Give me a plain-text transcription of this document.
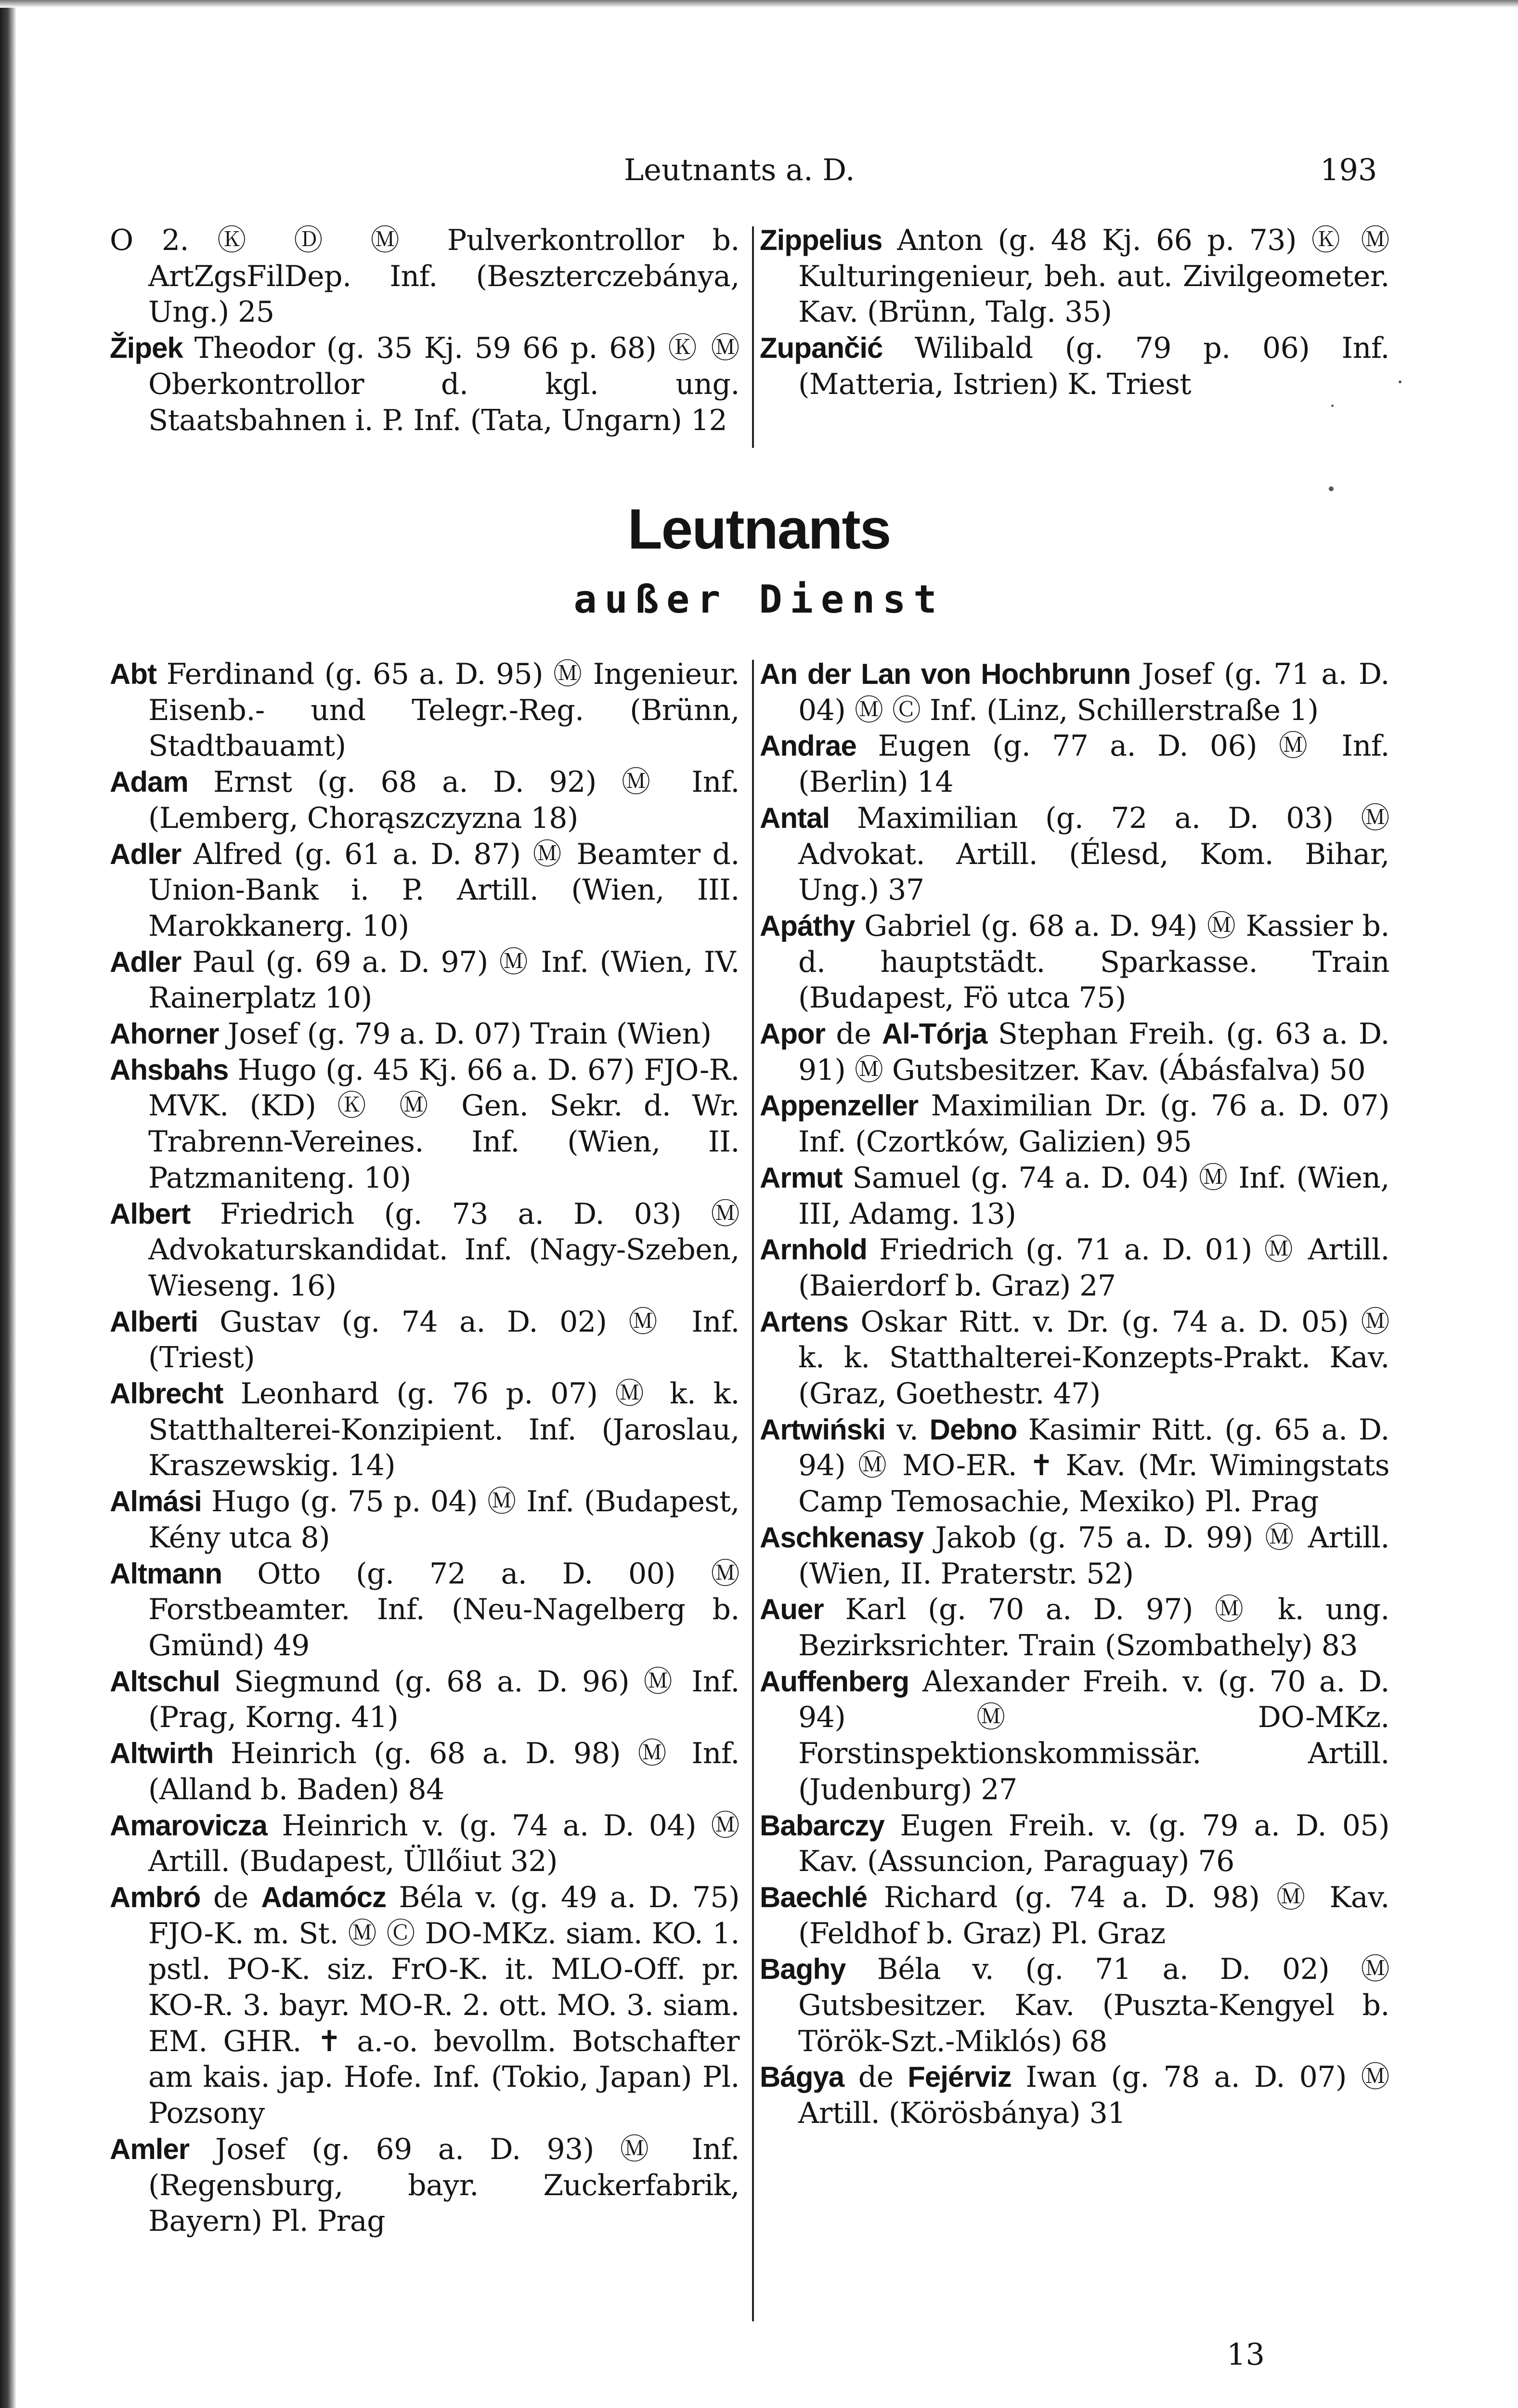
Leutnants a. D.	193
O 2. Ⓚ Ⓓ Ⓜ Pulverkontrollor b. ArtZgsFilDep. Inf. (Beszterczebánya, Ung.) 25
Žipek Theodor (g. 35 Kj. 59 66 p. 68) Ⓚ Ⓜ Oberkontrollor d. kgl. ung. Staatsbahnen i. P. Inf. (Tata, Ungarn) 12
Zippelius Anton (g. 48 Kj. 66 p. 73) Ⓚ Ⓜ Kulturingenieur, beh. aut. Zivilgeometer. Kav. (Brünn, Talg. 35)
Zupančić Wilibald (g. 79 p. 06) Inf. (Matteria, Istrien) K. Triest
Leutnants
außer Dienst
Abt Ferdinand (g. 65 a. D. 95) Ⓜ Ingenieur. Eisenb.- und Telegr.-Reg. (Brünn, Stadtbauamt)
Adam Ernst (g. 68 a. D. 92) Ⓜ Inf. (Lemberg, Chorąszczyzna 18)
Adler Alfred (g. 61 a. D. 87) Ⓜ Beamter d. Union-Bank i. P. Artill. (Wien, III. Marokkanerg. 10)
Adler Paul (g. 69 a. D. 97) Ⓜ Inf. (Wien, IV. Rainerplatz 10)
Ahorner Josef (g. 79 a. D. 07) Train (Wien)
Ahsbahs Hugo (g. 45 Kj. 66 a. D. 67) FJO-R. MVK. (KD) Ⓚ Ⓜ Gen. Sekr. d. Wr. Trabrenn-Vereines. Inf. (Wien, II. Patzmaniteng. 10)
Albert Friedrich (g. 73 a. D. 03) Ⓜ Advokaturskandidat. Inf. (Nagy-Szeben, Wieseng. 16)
Alberti Gustav (g. 74 a. D. 02) Ⓜ Inf. (Triest)
Albrecht Leonhard (g. 76 p. 07) Ⓜ k. k. Statthalterei-Konzipient. Inf. (Jaroslau, Kraszewskig. 14)
Almási Hugo (g. 75 p. 04) Ⓜ Inf. (Budapest, Kény utca 8)
Altmann Otto (g. 72 a. D. 00) Ⓜ Forstbeamter. Inf. (Neu-Nagelberg b. Gmünd) 49
Altschul Siegmund (g. 68 a. D. 96) Ⓜ Inf. (Prag, Korng. 41)
Altwirth Heinrich (g. 68 a. D. 98) Ⓜ Inf. (Alland b. Baden) 84
Amarovicza Heinrich v. (g. 74 a. D. 04) Ⓜ Artill. (Budapest, Üllőiut 32)
Ambró de Adamócz Béla v. (g. 49 a. D. 75) FJO-K. m. St. Ⓜ Ⓒ DO-MKz. siam. KO. 1. pstl. PO-K. siz. FrO-K. it. MLO-Off. pr. KO-R. 3. bayr. MO-R. 2. ott. MO. 3. siam. EM. GHR. ✝ a.-o. bevollm. Botschafter am kais. jap. Hofe. Inf. (Tokio, Japan) Pl. Pozsony
Amler Josef (g. 69 a. D. 93) Ⓜ Inf. (Regensburg, bayr. Zuckerfabrik, Bayern) Pl. Prag
An der Lan von Hochbrunn Josef (g. 71 a. D. 04) Ⓜ Ⓒ Inf. (Linz, Schillerstraße 1)
Andrae Eugen (g. 77 a. D. 06) Ⓜ Inf. (Berlin) 14
Antal Maximilian (g. 72 a. D. 03) Ⓜ Advokat. Artill. (Élesd, Kom. Bihar, Ung.) 37
Apáthy Gabriel (g. 68 a. D. 94) Ⓜ Kassier b. d. hauptstädt. Sparkasse. Train (Budapest, Fö utca 75)
Apor de Al-Tórja Stephan Freih. (g. 63 a. D. 91) Ⓜ Gutsbesitzer. Kav. (Ábásfalva) 50
Appenzeller Maximilian Dr. (g. 76 a. D. 07) Inf. (Czortków, Galizien) 95
Armut Samuel (g. 74 a. D. 04) Ⓜ Inf. (Wien, III, Adamg. 13)
Arnhold Friedrich (g. 71 a. D. 01) Ⓜ Artill. (Baierdorf b. Graz) 27
Artens Oskar Ritt. v. Dr. (g. 74 a. D. 05) Ⓜ k. k. Statthalterei-Konzepts-Prakt. Kav. (Graz, Goethestr. 47)
Artwiński v. Debno Kasimir Ritt. (g. 65 a. D. 94) Ⓜ MO-ER. ✝ Kav. (Mr. Wimingstats Camp Temosachie, Mexiko) Pl. Prag
Aschkenasy Jakob (g. 75 a. D. 99) Ⓜ Artill. (Wien, II. Praterstr. 52)
Auer Karl (g. 70 a. D. 97) Ⓜ k. ung. Bezirksrichter. Train (Szombathely) 83
Auffenberg Alexander Freih. v. (g. 70 a. D. 94) Ⓜ DO-MKz. Forstinspektionskommissär. Artill. (Judenburg) 27
Babarczy Eugen Freih. v. (g. 79 a. D. 05) Kav. (Assuncion, Paraguay) 76
Baechlé Richard (g. 74 a. D. 98) Ⓜ Kav. (Feldhof b. Graz) Pl. Graz
Baghy Béla v. (g. 71 a. D. 02) Ⓜ Gutsbesitzer. Kav. (Puszta-Kengyel b. Török-Szt.-Miklós) 68
Bágya de Fejérviz Iwan (g. 78 a. D. 07) Ⓜ Artill. (Körösbánya) 31
13
